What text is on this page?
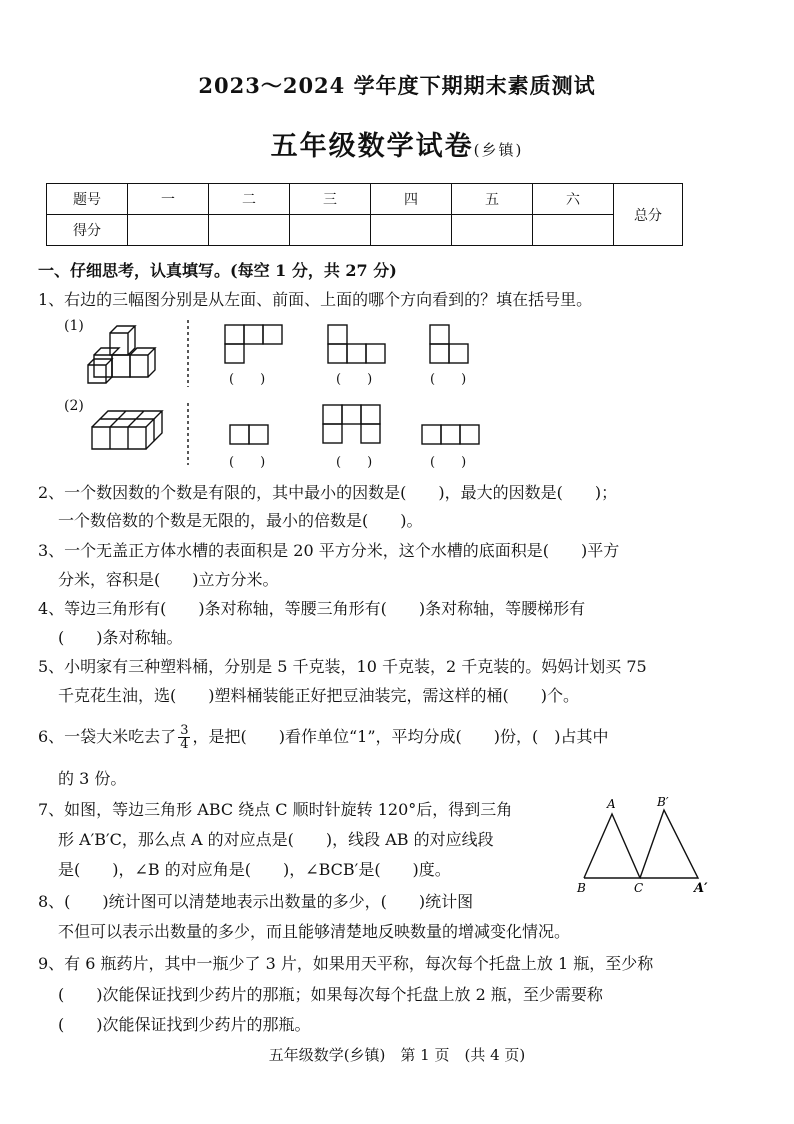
2023～2024 学年度下期期末素质测试
五年级数学试卷(乡镇)
题号	一	二	三	四	五	六	总分
得分							
一、仔细思考，认真填写。(每空 1 分，共 27 分)
1、右边的三幅图分别是从左面、前面、上面的哪个方向看到的？填在括号里。
(1)
(2)
(　　)	(　　)	(　　)
(　　)	(　　)	(　　)
2、一个数因数的个数是有限的，其中最小的因数是(　　)，最大的因数是(　　)；
一个数倍数的个数是无限的，最小的倍数是(　　)。
3、一个无盖正方体水槽的表面积是 20 平方分米，这个水槽的底面积是(　　)平方
分米，容积是(　　)立方分米。
4、等边三角形有(　　)条对称轴，等腰三角形有(　　)条对称轴，等腰梯形有
(　　)条对称轴。
5、小明家有三种塑料桶，分别是 5 千克装，10 千克装，2 千克装的。妈妈计划买 75
千克花生油，选(　　)塑料桶装能正好把豆油装完，需这样的桶(　　)个。
6、一袋大米吃去了 $\frac{3}{4}$ ，是把(　　)看作单位“1”，平均分成(　　)份，(　)占其中
的 3 份。
7、如图，等边三角形 ABC 绕点 C 顺时针旋转 120°后，得到三角
形 A′B′C，那么点 A 的对应点是(　　)，线段 AB 的对应线段
是(　　)，∠B 的对应角是(　　)，∠BCB′是(　　)度。
A
B	C
B′
A′
8、(　　)统计图可以清楚地表示出数量的多少，(　　)统计图
不但可以表示出数量的多少，而且能够清楚地反映数量的增减变化情况。
9、有 6 瓶药片，其中一瓶少了 3 片，如果用天平称，每次每个托盘上放 1 瓶，至少称
(　　)次能保证找到少药片的那瓶；如果每次每个托盘上放 2 瓶，至少需要称
(　　)次能保证找到少药片的那瓶。
五年级数学(乡镇)　第 1 页　(共 4 页)
